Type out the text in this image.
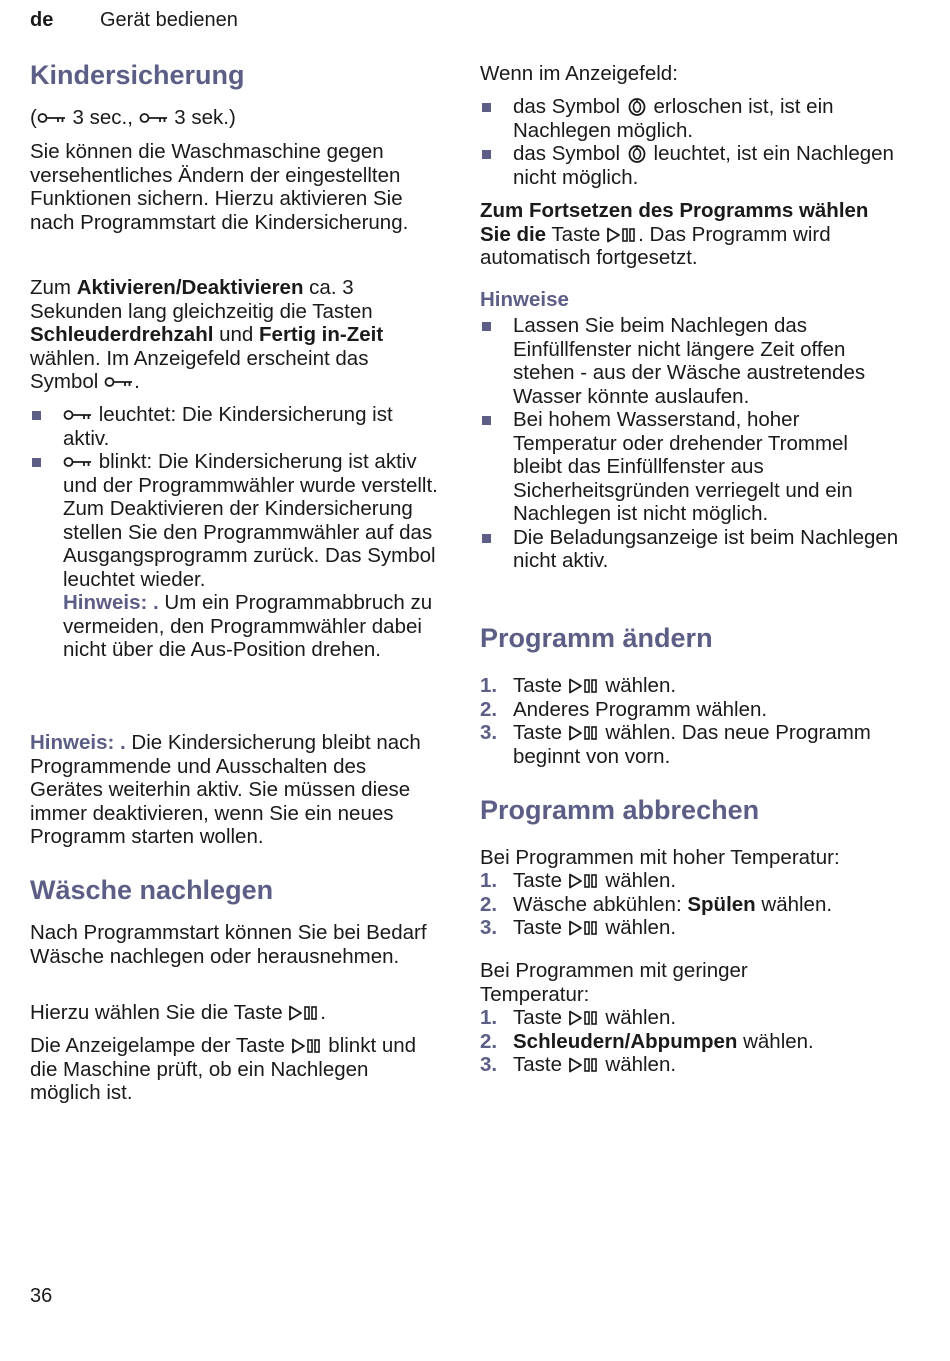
de Gerät bedienen
Kindersicherung
( 3 sec.,  3 sek.)

Sie können die Waschmaschine gegen versehentliches Ändern der eingestellten Funktionen sichern. Hierzu aktivieren Sie nach Programmstart die Kindersicherung.

Zum Aktivieren/Deaktivieren ca. 3 Sekunden lang gleichzeitig die Tasten Schleuderdrehzahl und Fertig in-Zeit wählen. Im Anzeigefeld erscheint das Symbol .

leuchtet: Die Kindersicherung ist aktiv.
blinkt: Die Kindersicherung ist aktiv und der Programmwähler wurde verstellt. Zum Deaktivieren der Kindersicherung stellen Sie den Programmwähler auf das Ausgangsprogramm zurück. Das Symbol leuchtet wieder.

Hinweis: . Um ein Programmabbruch zu vermeiden, den Programmwähler dabei nicht über die Aus-Position drehen.

Hinweis: . Die Kindersicherung bleibt nach Programmende und Ausschalten des Gerätes weiterhin aktiv. Sie müssen diese immer deaktivieren, wenn Sie ein neues Programm starten wollen.

Wäsche nachlegen

Nach Programmstart können Sie bei Bedarf Wäsche nachlegen oder herausnehmen.

Hierzu wählen Sie die Taste .

Die Anzeigelampe der Taste  blinkt und die Maschine prüft, ob ein Nachlegen möglich ist.

Wenn im Anzeigefeld:

das Symbol  erloschen ist, ist ein Nachlegen möglich.
das Symbol  leuchtet, ist ein Nachlegen nicht möglich.

Zum Fortsetzen des Programms wählen Sie die Taste . Das Programm wird automatisch fortgesetzt.

Hinweise

Lassen Sie beim Nachlegen das Einfüllfenster nicht längere Zeit offen stehen - aus der Wäsche austretendes Wasser könnte auslaufen.
Bei hohem Wasserstand, hoher Temperatur oder drehender Trommel bleibt das Einfüllfenster aus Sicherheitsgründen verriegelt und ein Nachlegen ist nicht möglich.
Die Beladungsanzeige ist beim Nachlegen nicht aktiv.
Programm ändern
1. Taste  wählen.
2. Anderes Programm wählen.
3. Taste  wählen. Das neue Programm beginnt von vorn.
Programm abbrechen

Bei Programmen mit hoher Temperatur:

1. Taste  wählen.
2. Wäsche abkühlen: Spülen wählen.
3. Taste  wählen.

Bei Programmen mit geringer Temperatur:

1. Taste  wählen.
2. Schleudern/Abpumpen wählen.
3. Taste  wählen.
36
